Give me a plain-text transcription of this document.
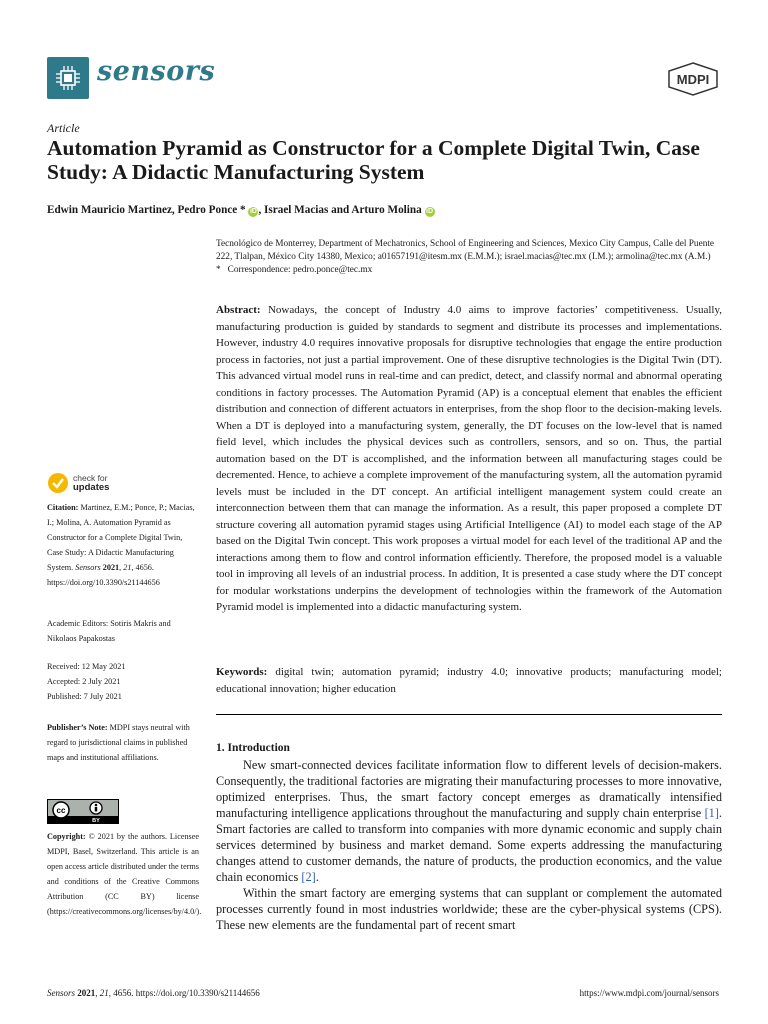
sensors	MDPI
Article
Automation Pyramid as Constructor for a Complete Digital Twin, Case Study: A Didactic Manufacturing System
Edwin Mauricio Martinez, Pedro Ponce * iD , Israel Macias and Arturo Molina iD

Tecnológico de Monterrey, Department of Mechatronics, School of Engineering and Sciences, Mexico City Campus, Calle del Puente 222, Tlalpan, México City 14380, Mexico; a01657191@itesm.mx (E.M.M.); israel.macias@tec.mx (I.M.); armolina@tec.mx (A.M.)

* Correspondence: pedro.ponce@tec.mx

Abstract: Nowadays, the concept of Industry 4.0 aims to improve factories’ competitiveness. Usually, manufacturing production is guided by standards to segment and distribute its processes and implementations. However, industry 4.0 requires innovative proposals for disruptive technologies that engage the entire production process in factories, not just a partial improvement. One of these disruptive technologies is the Digital Twin (DT). This advanced virtual model runs in real-time and can predict, detect, and classify normal and abnormal operating conditions in factory processes. The Automation Pyramid (AP) is a conceptual element that enables the efficient distribution and connection of different actuators in enterprises, from the shop floor to the decision-making levels. When a DT is deployed into a manufacturing system, generally, the DT focuses on the low-level that is named field level, which includes the physical devices such as controllers, sensors, and so on. Thus, the partial automation based on the DT is accomplished, and the information between all manufacturing stages could be decremented. Hence, to achieve a complete improvement of the manufacturing system, all the automation pyramid levels must be included in the DT concept. An artificial intelligent management system could create an interconnection between them that can manage the information. As a result, this paper proposed a complete DT structure covering all automation pyramid stages using Artificial Intelligence (AI) to model each stage of the AP based on the Digital Twin concept. This work proposes a virtual model for each level of the traditional AP and the interactions among them to flow and control information efficiently. Therefore, the proposed model is a valuable tool in improving all levels of an industrial process. In addition, It is presented a case study where the DT concept for modular workstations underpins the development of technologies within the framework of the Automation Pyramid model is implemented into a didactic manufacturing system.

Keywords: digital twin; automation pyramid; industry 4.0; innovative products; manufacturing model; educational innovation; higher education

1. Introduction

New smart-connected devices facilitate information flow to different levels of decision-makers. Consequently, the traditional factories are migrating their manufacturing processes to more innovative, optimized enterprises. Thus, the smart factory concept emerges as dramatically intensified manufacturing intelligence applications throughout the manufacturing and supply chain enterprise [1]. Smart factories are called to transform into companies with more dynamic economic and supply chain services determined by business and market demand. Some experts addressing the manufacturing changes attend to customer demands, the nature of products, the production economics, and the value chain economics [2].

Within the smart factory are emerging systems that can supplant or complement the automated processes currently found in most industries worldwide; these are the cyber-physical systems (CPS). These new elements are the fundamental part of recent smart

check for
updates

Citation: Martinez, E.M.; Ponce, P.; Macias, I.; Molina, A. Automation Pyramid as Constructor for a Complete Digital Twin, Case Study: A Didactic Manufacturing System. Sensors 2021, 21, 4656. https://doi.org/10.3390/s21144656

Academic Editors: Sotiris Makris and Nikolaos Papakostas

Received: 12 May 2021

Accepted: 2 July 2021

Published: 7 July 2021

Publisher’s Note: MDPI stays neutral with regard to jurisdictional claims in published maps and institutional affiliations.

cc
BY

Copyright: © 2021 by the authors. Licensee MDPI, Basel, Switzerland. This article is an open access article distributed under the terms and conditions of the Creative Commons Attribution (CC BY) license (https://creativecommons.org/licenses/by/4.0/).

Sensors 2021, 21, 4656. https://doi.org/10.3390/s21144656	https://www.mdpi.com/journal/sensors
